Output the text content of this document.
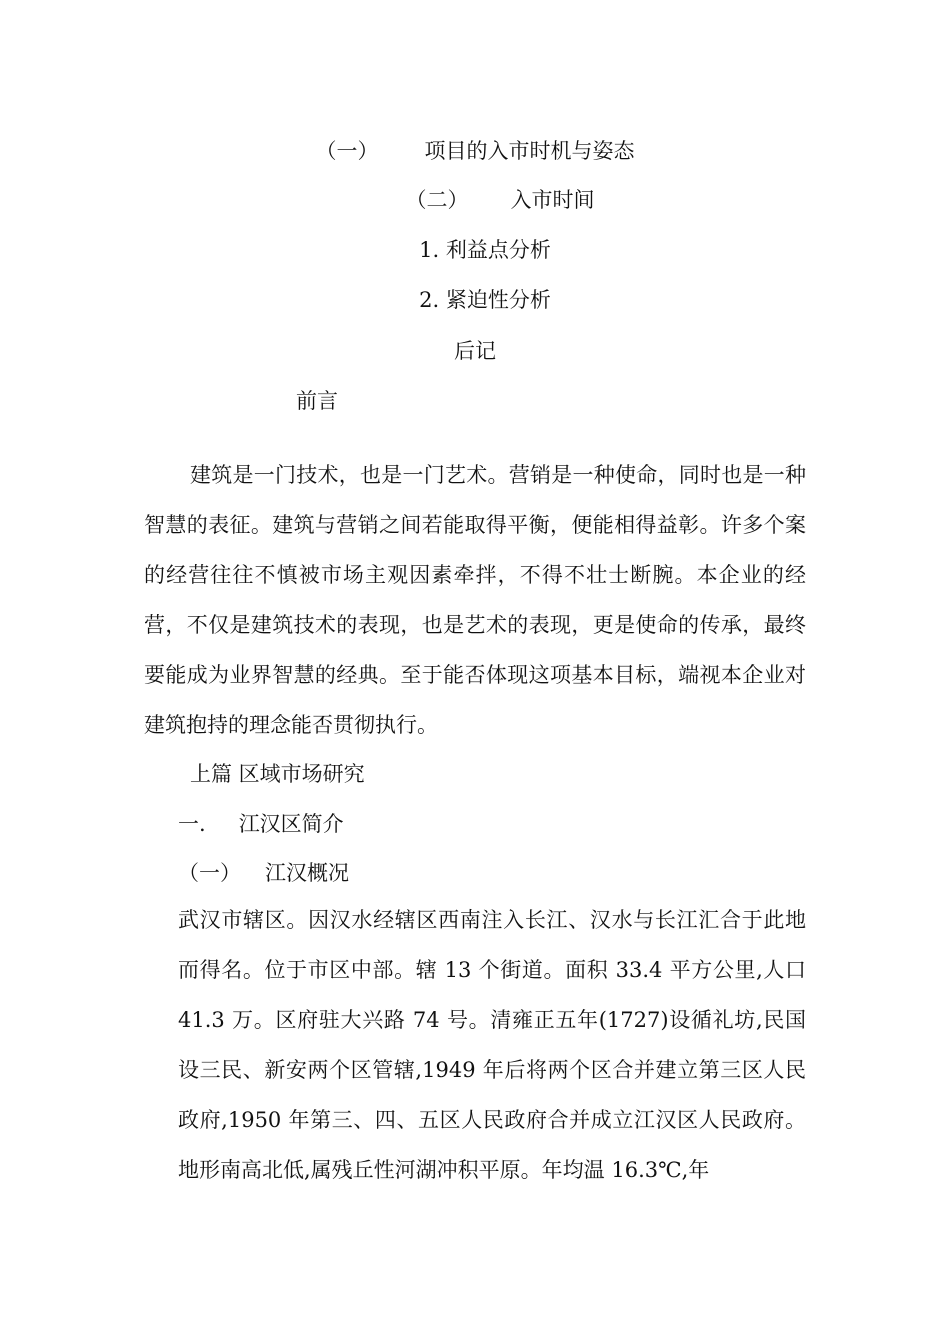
（一） 项目的入市时机与姿态
（二） 入市时间
1. 利益点分析
2. 紧迫性分析
后记
前言
建筑是一门技术，也是一门艺术。营销是一种使命，同时也是一种智慧的表征。建筑与营销之间若能取得平衡，便能相得益彰。许多个案的经营往往不慎被市场主观因素牵拌，不得不壮士断腕。本企业的经营，不仅是建筑技术的表现，也是艺术的表现，更是使命的传承，最终要能成为业界智慧的经典。至于能否体现这项基本目标，端视本企业对建筑抱持的理念能否贯彻执行。
上篇 区域市场研究
一. 江汉区简介
（一） 江汉概况
武汉市辖区。因汉水经辖区西南注入长江、汉水与长江汇合于此地而得名。位于市区中部。辖 13 个街道。面积 33.4 平方公里,人口 41.3 万。区府驻大兴路 74 号。清雍正五年(1727)设循礼坊,民国设三民、新安两个区管辖,1949 年后将两个区合并建立第三区人民政府,1950 年第三、四、五区人民政府合并成立江汉区人民政府。地形南高北低,属残丘性河湖冲积平原。年均温 16.3℃,年
